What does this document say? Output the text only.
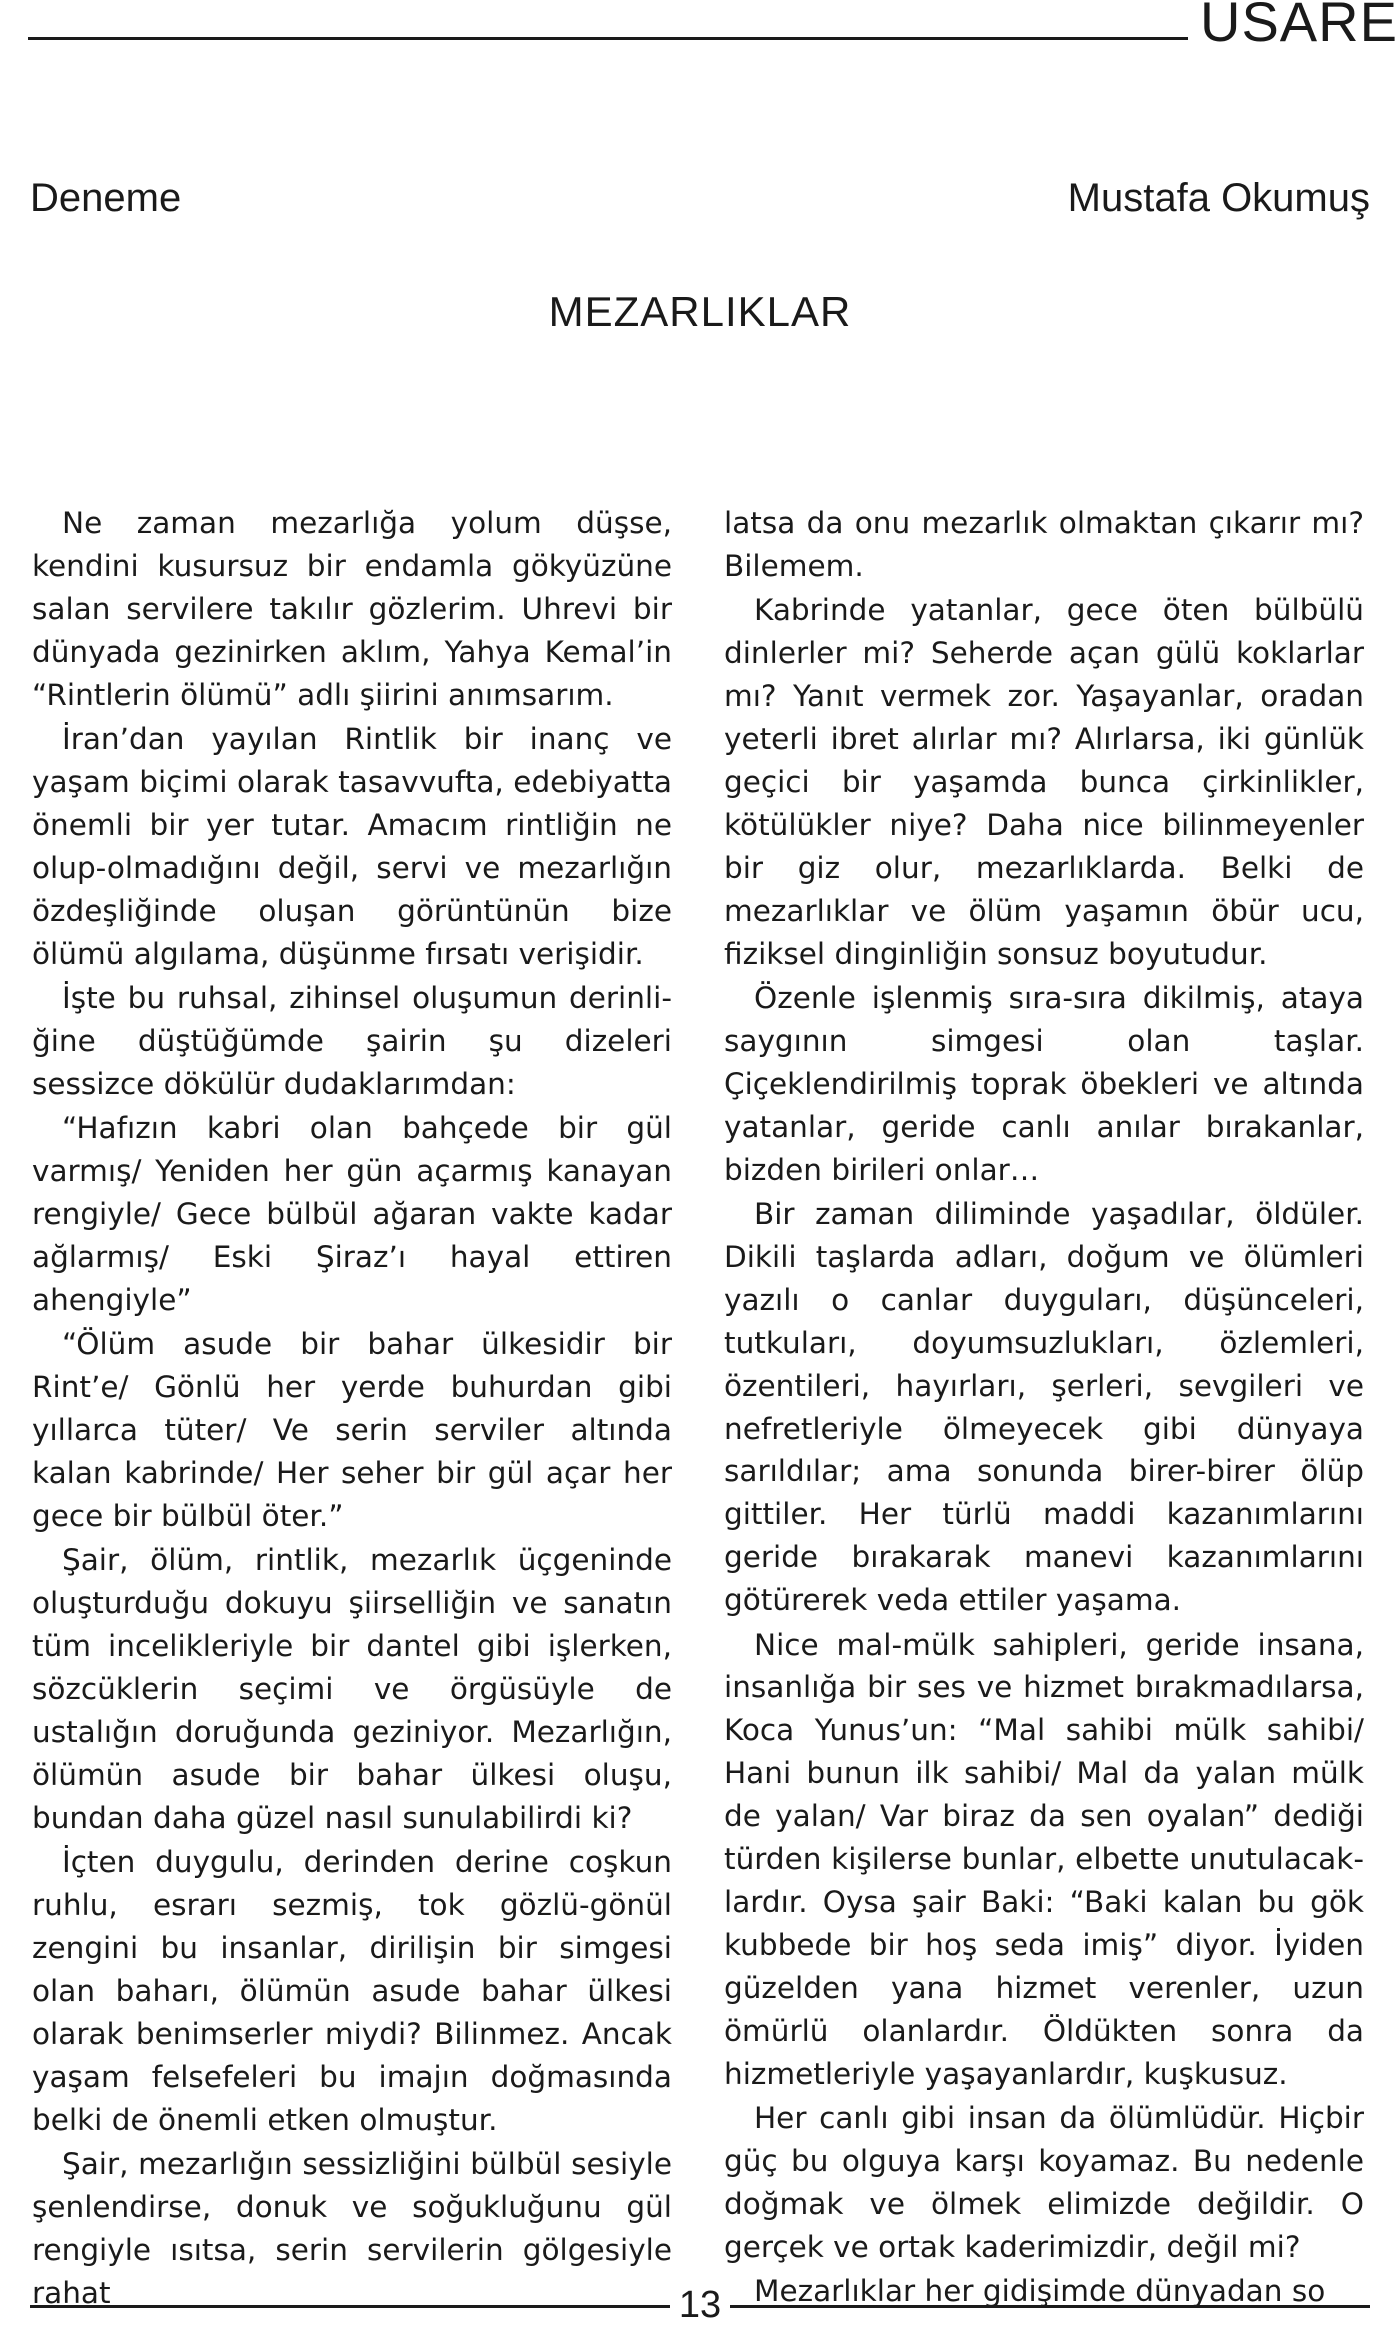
USARE
Deneme	Mustafa Okumuş
MEZARLIKLAR

Ne zaman mezarlığa yolum düşse, kendini kusursuz bir endamla gökyüzüne salan servilere takılır gözlerim. Uhrevi bir dünyada gezinirken aklım, Yahya Kemal’in “Rintlerin ölümü” adlı şiirini anımsarım.

İran’dan yayılan Rintlik bir inanç ve yaşam biçimi olarak tasavvufta, edebiyatta önemli bir yer tutar. Amacım rintliğin ne olup-olmadığını değil, servi ve mezarlığın özdeşliğinde oluşan görüntünün bize ölümü algılama, düşünme fırsatı verişidir.

İşte bu ruhsal, zihinsel oluşumun derinliğine düştüğümde şairin şu dizeleri sessizce dökülür dudaklarımdan:

“Hafızın kabri olan bahçede bir gül varmış/ Yeniden her gün açarmış kanayan rengiyle/ Gece bülbül ağaran vakte kadar ağlarmış/ Eski Şiraz’ı hayal ettiren ahengiyle”

“Ölüm asude bir bahar ülkesidir bir Rint’e/ Gönlü her yerde buhurdan gibi yıllarca tüter/ Ve serin serviler altında kalan kabrinde/ Her seher bir gül açar her gece bir bülbül öter.”

Şair, ölüm, rintlik, mezarlık üçgeninde oluşturduğu dokuyu şiirselliğin ve sanatın tüm incelikleriyle bir dantel gibi işlerken, sözcüklerin seçimi ve örgüsüyle de ustalığın doruğunda geziniyor. Mezarlığın, ölümün asude bir bahar ülkesi oluşu, bundan daha güzel nasıl sunulabilirdi ki?

İçten duygulu, derinden derine coşkun ruhlu, esrarı sezmiş, tok gözlü-gönül zengini bu insanlar, dirilişin bir simgesi olan baharı, ölümün asude bahar ülkesi olarak benimserler miydi? Bilinmez. Ancak yaşam felsefeleri bu imajın doğmasında belki de önemli etken olmuştur.

Şair, mezarlığın sessizliğini bülbül sesiyle şenlendirse, donuk ve soğukluğunu gül rengiyle ısıtsa, serin servilerin gölgesiyle rahat

latsa da onu mezarlık olmaktan çıkarır mı? Bilemem.

Kabrinde yatanlar, gece öten bülbülü dinlerler mi? Seherde açan gülü koklarlar mı? Yanıt vermek zor. Yaşayanlar, oradan yeterli ibret alırlar mı? Alırlarsa, iki günlük geçici bir yaşamda bunca çirkinlikler, kötülükler niye? Daha nice bilinmeyenler bir giz olur, mezarlıklarda. Belki de mezarlıklar ve ölüm yaşamın öbür ucu, fiziksel dinginliğin sonsuz boyutudur.

Özenle işlenmiş sıra-sıra dikilmiş, ataya saygının simgesi olan taşlar. Çiçeklendirilmiş toprak öbekleri ve altında yatanlar, geride canlı anılar bırakanlar, bizden birileri onlar…

Bir zaman diliminde yaşadılar, öldüler. Dikili taşlarda adları, doğum ve ölümleri yazılı o canlar duyguları, düşünceleri, tutkuları, doyumsuzlukları, özlemleri, özentileri, hayırları, şerleri, sevgileri ve nefretleriyle ölmeyecek gibi dünyaya sarıldılar; ama sonunda birer-birer ölüp gittiler. Her türlü maddi kazanımlarını geride bırakarak manevi kazanımlarını götürerek veda ettiler yaşama.

Nice mal-mülk sahipleri, geride insana, insanlığa bir ses ve hizmet bırakmadılarsa, Koca Yunus’un: “Mal sahibi mülk sahibi/ Hani bunun ilk sahibi/ Mal da yalan mülk de yalan/ Var biraz da sen oyalan” dediği türden kişilerse bunlar, elbette unutulacaklardır. Oysa şair Baki: “Baki kalan bu gök kubbede bir hoş seda imiş” diyor. İyiden güzelden yana hizmet verenler, uzun ömürlü olanlardır. Öldükten sonra da hizmetleriyle yaşayanlardır, kuşkusuz.

Her canlı gibi insan da ölümlüdür. Hiçbir güç bu olguya karşı koyamaz. Bu nedenle doğmak ve ölmek elimizde değildir. O gerçek ve ortak kaderimizdir, değil mi?

Mezarlıklar her gidişimde dünyadan so

13
